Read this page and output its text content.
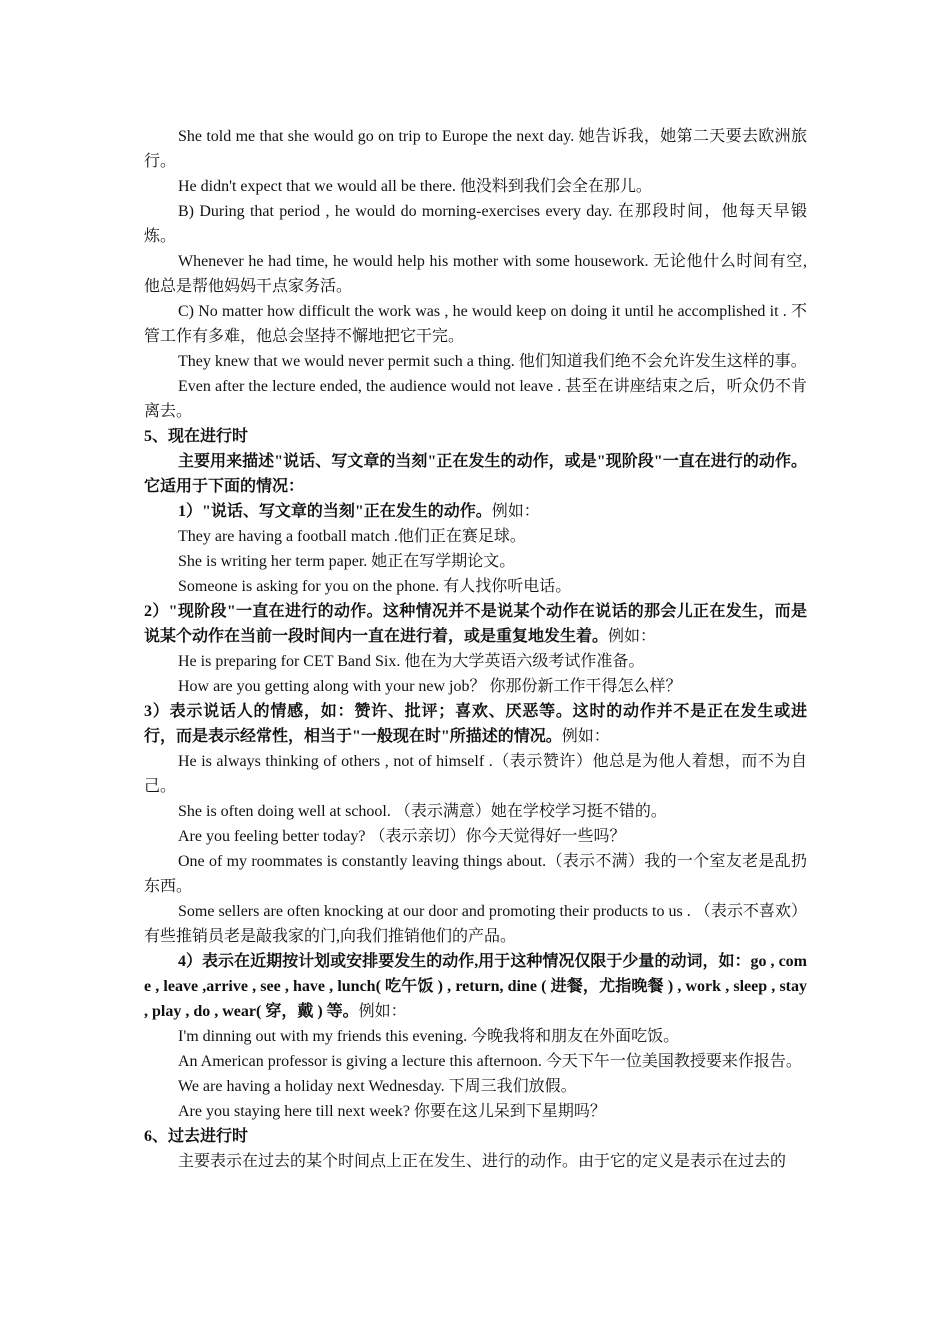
She told me that she would go on trip to Europe the next day. 她告诉我，她第二天要去欧洲旅行。

He didn't expect that we would all be there. 他没料到我们会全在那儿。

B) During that period , he would do morning-exercises every day. 在那段时间，他每天早锻炼。

Whenever he had time, he would help his mother with some housework. 无论他什么时间有空,他总是帮他妈妈干点家务活。

C) No matter how difficult the work was , he would keep on doing it until he accomplished it . 不管工作有多难，他总会坚持不懈地把它干完。

They knew that we would never permit such a thing. 他们知道我们绝不会允许发生这样的事。

Even after the lecture ended, the audience would not leave . 甚至在讲座结束之后，听众仍不肯离去。

5、现在进行时

主要用来描述"说话、写文章的当刻"正在发生的动作，或是"现阶段"一直在进行的动作。它适用于下面的情况：

1）"说话、写文章的当刻"正在发生的动作。例如：

They are having a football match .他们正在赛足球。

She is writing her term paper. 她正在写学期论文。

Someone is asking for you on the phone. 有人找你听电话。

2）"现阶段"一直在进行的动作。这种情况并不是说某个动作在说话的那会儿正在发生，而是说某个动作在当前一段时间内一直在进行着，或是重复地发生着。例如：

He is preparing for CET Band Six. 他在为大学英语六级考试作准备。

How are you getting along with your new job？ 你那份新工作干得怎么样？

3）表示说话人的情感，如：赞许、批评；喜欢、厌恶等。这时的动作并不是正在发生或进行，而是表示经常性，相当于"一般现在时"所描述的情况。例如：

He is always thinking of others , not of himself .（表示赞许）他总是为他人着想，而不为自己。

She is often doing well at school. （表示满意）她在学校学习挺不错的。

Are you feeling better today? （表示亲切）你今天觉得好一些吗？

One of my roommates is constantly leaving things about.（表示不满）我的一个室友老是乱扔东西。

Some sellers are often knocking at our door and promoting their products to us . （表示不喜欢） 有些推销员老是敲我家的门,向我们推销他们的产品。

4）表示在近期按计划或安排要发生的动作,用于这种情况仅限于少量的动词，如：go , come , leave ,arrive , see , have , lunch( 吃午饭 ) , return, dine ( 进餐，尤指晚餐 ) , work , sleep , stay , play , do , wear( 穿，戴 ) 等。例如：

I'm dinning out with my friends this evening. 今晚我将和朋友在外面吃饭。

An American professor is giving a lecture this afternoon. 今天下午一位美国教授要来作报告。

We are having a holiday next Wednesday. 下周三我们放假。

Are you staying here till next week? 你要在这儿呆到下星期吗？

6、过去进行时

主要表示在过去的某个时间点上正在发生、进行的动作。由于它的定义是表示在过去的
